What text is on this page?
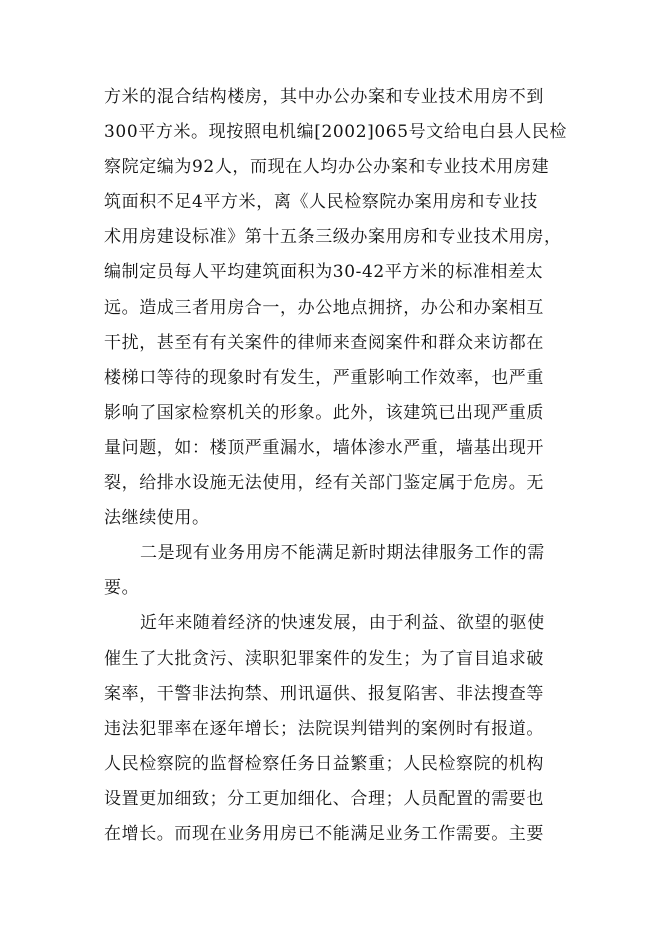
方米的混合结构楼房，其中办公办案和专业技术用房不到
300平方米。现按照电机编[2002]065号文给电白县人民检
察院定编为92人，而现在人均办公办案和专业技术用房建
筑面积不足4平方米，离《人民检察院办案用房和专业技
术用房建设标准》第十五条三级办案用房和专业技术用房，
编制定员每人平均建筑面积为30-42平方米的标准相差太
远。造成三者用房合一，办公地点拥挤，办公和办案相互
干扰，甚至有有关案件的律师来查阅案件和群众来访都在
楼梯口等待的现象时有发生，严重影响工作效率，也严重
影响了国家检察机关的形象。此外，该建筑已出现严重质
量问题，如：楼顶严重漏水，墙体渗水严重，墙基出现开
裂，给排水设施无法使用，经有关部门鉴定属于危房。无
法继续使用。
二是现有业务用房不能满足新时期法律服务工作的需
要。
近年来随着经济的快速发展，由于利益、欲望的驱使
催生了大批贪污、渎职犯罪案件的发生；为了盲目追求破
案率，干警非法拘禁、刑讯逼供、报复陷害、非法搜查等
违法犯罪率在逐年增长；法院误判错判的案例时有报道。
人民检察院的监督检察任务日益繁重；人民检察院的机构
设置更加细致；分工更加细化、合理；人员配置的需要也
在增长。而现在业务用房已不能满足业务工作需要。主要
